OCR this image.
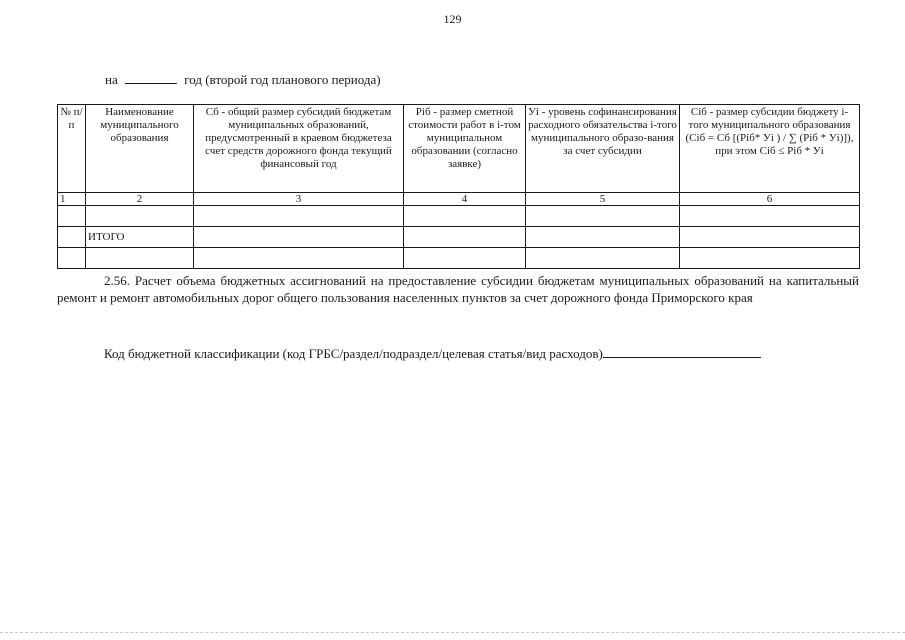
129
на	год (второй год планового периода)
№ п/п	Наименование муниципального образования	Сб - общий размер субсидий бюджетам муниципальных образований, предусмотренный в краевом бюджетеза счет средств дорожного фонда текущий финансовый год	Piб - размер сметной стоимости работ в i-том муниципальном образовании (согласно заявке)	Уi - уровень софинансирования расходного обязательства i-того муниципального образо-вания за счет субсидии	Ciб - размер субсидии бюджету i-того муниципального образования (Ciб = Сб [(Piб* Уi ) / ∑ (Piб * Уi)]), при этом Ciб ≤ Piб * Уi
1	2	3	4	5	6

	ИТОГО				

2.56. Расчет объема бюджетных ассигнований на предоставление субсидии бюджетам муниципальных образований на капитальный ремонт и ремонт автомобильных дорог общего пользования населенных пунктов за счет дорожного фонда Приморского края

Код бюджетной классификации (код ГРБС/раздел/подраздел/целевая статья/вид расходов)
